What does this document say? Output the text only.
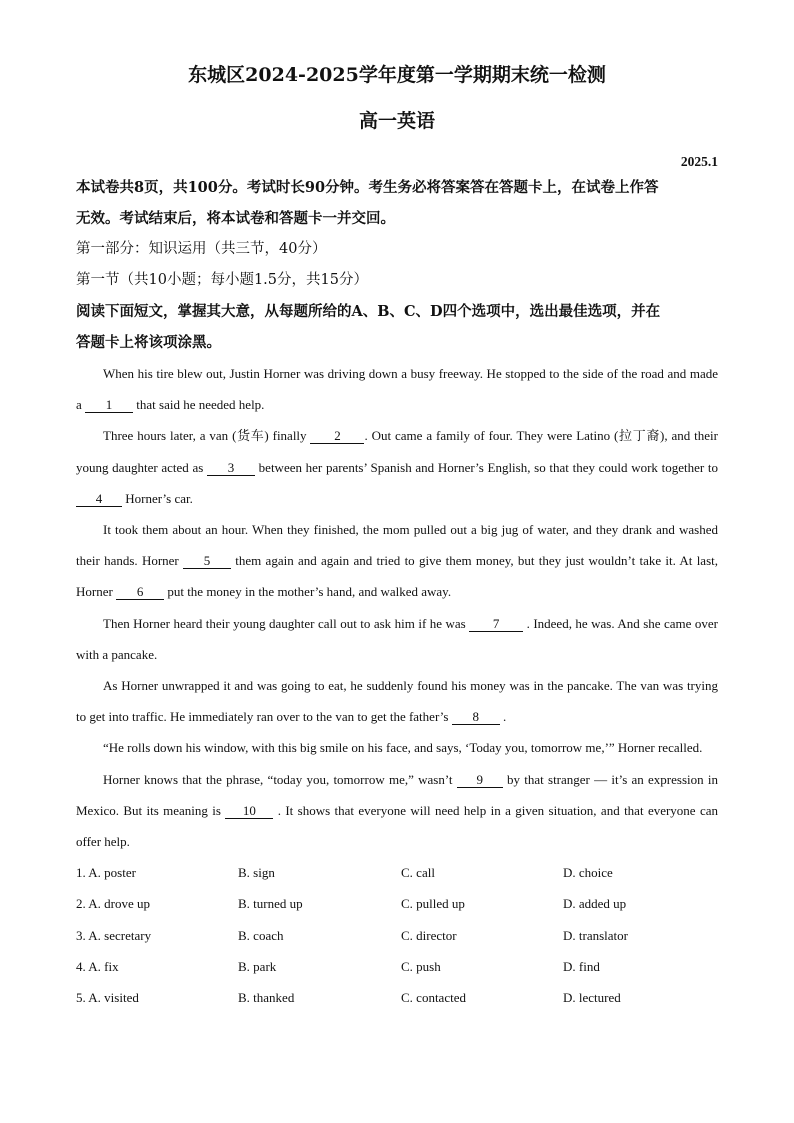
东城区2024-2025学年度第一学期期末统一检测
高一英语
2025.1

本试卷共8页，共100分。考试时长90分钟。考生务必将答案答在答题卡上，在试卷上作答

无效。考试结束后，将本试卷和答题卡一并交回。

第一部分：知识运用（共三节，40分）

第一节（共10小题；每小题1.5分，共15分）

阅读下面短文，掌握其大意，从每题所给的A、B、C、D四个选项中，选出最佳选项，并在

答题卡上将该项涂黑。

When his tire blew out, Justin Horner was driving down a busy freeway. He stopped to the side of the road and made a 1 that said he needed help.

Three hours later, a van (货车) finally 2 . Out came a family of four. They were Latino (拉丁裔), and their young daughter acted as 3 between her parents’ Spanish and Horner’s English, so that they could work together to 4 Horner’s car.

It took them about an hour. When they finished, the mom pulled out a big jug of water, and they drank and washed their hands. Horner 5 them again and again and tried to give them money, but they just wouldn’t take it. At last, Horner 6 put the money in the mother’s hand, and walked away.

Then Horner heard their young daughter call out to ask him if he was 7 . Indeed, he was. And she came over with a pancake.

As Horner unwrapped it and was going to eat, he suddenly found his money was in the pancake. The van was trying to get into traffic. He immediately ran over to the van to get the father’s 8 .

“He rolls down his window, with this big smile on his face, and says, ‘Today you, tomorrow me,’” Horner recalled.

Horner knows that the phrase, “today you, tomorrow me,” wasn’t 9 by that stranger — it’s an expression in Mexico. But its meaning is 10 . It shows that everyone will need help in a given situation, and that everyone can offer help.

1. A. poster	B. sign	C. call	D. choice
2. A. drove up	B. turned up	C. pulled up	D. added up
3. A. secretary	B. coach	C. director	D. translator
4. A. fix	B. park	C. push	D. find
5. A. visited	B. thanked	C. contacted	D. lectured
